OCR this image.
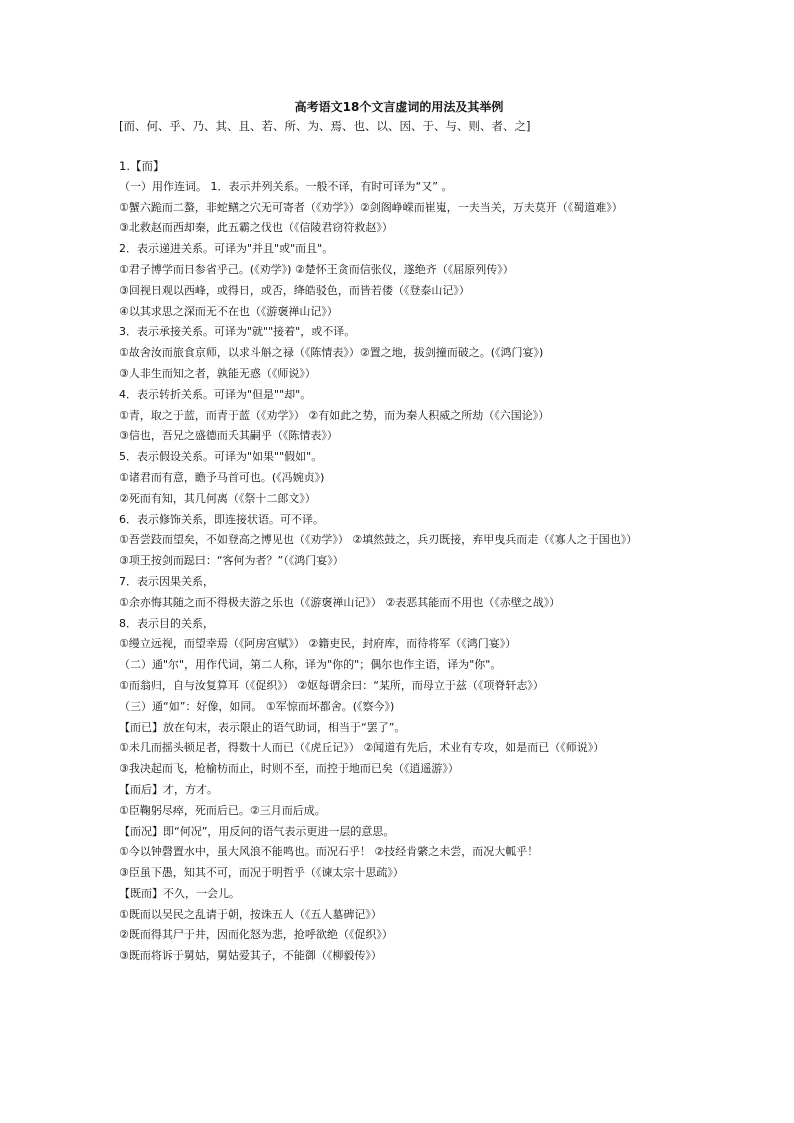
高考语文18个文言虚词的用法及其举例
[而、何、乎、乃、其、且、若、所、为、焉、也、以、因、于、与、则、者、之]
1.【而】
（一）用作连词。 1．表示并列关系。一般不译，有时可译为“又” 。
①蟹六跪而二螯，非蛇鳝之穴无可寄者（《劝学》）②剑阁峥嵘而崔嵬，一夫当关，万夫莫开（《蜀道难》）
③北救赵而西却秦，此五霸之伐也（《信陵君窃符救赵》）
2．表示递进关系。可译为"并且"或"而且"。
①君子博学而日参省乎己。(《劝学》) ②楚怀王贪而信张仪，遂绝齐（《屈原列传》）
③回视日观以西峰，或得日，或否，绛皓驳色，而皆若偻（《登泰山记》）
④以其求思之深而无不在也（《游褒禅山记》）
3．表示承接关系。可译为"就""接着"，或不译。
①故舍汝而旅食京师，以求斗斛之禄（《陈情表》）②置之地，拔剑撞而破之。(《鸿门宴》)
③人非生而知之者，孰能无惑（《师说》）
4．表示转折关系。可译为"但是""却"。
①青，取之于蓝，而青于蓝（《劝学》） ②有如此之势，而为秦人积威之所劫（《六国论》）
③信也，吾兄之盛德而夭其嗣乎（《陈情表》）
5．表示假设关系。可译为"如果""假如"。
①诸君而有意，瞻予马首可也。(《冯婉贞》)
②死而有知，其几何离（《祭十二郎文》）
6．表示修饰关系，即连接状语。可不译。
①吾尝跂而望矣，不如登高之博见也（《劝学》） ②填然鼓之，兵刃既接，弃甲曳兵而走（《寡人之于国也》）
③项王按剑而跽曰：“客何为者？”（《鸿门宴》）
7．表示因果关系，
①余亦悔其随之而不得极夫游之乐也（《游褒禅山记》） ②表恶其能而不用也（《赤壁之战》）
8．表示目的关系，
①缦立远视，而望幸焉（《阿房宫赋》） ②籍吏民，封府库，而待将军（《鸿门宴》）
（二）通"尔"，用作代词，第二人称，译为"你的"；偶尔也作主语，译为"你"。
①而翁归，自与汝复算耳（《促织》） ②妪每谓余曰：“某所，而母立于兹（《项脊轩志》）
（三）通“如”：好像，如同。 ①军惊而坏都舍。(《察今》)
【而已】放在句末，表示限止的语气助词，相当于“罢了”。
①未几而摇头顿足者，得数十人而已（《虎丘记》） ②闻道有先后，术业有专攻，如是而已（《师说》）
③我决起而飞，枪榆枋而止，时则不至，而控于地而已矣（《逍遥游》）
【而后】才，方才。
①臣鞠躬尽瘁，死而后已。②三月而后成。
【而况】即“何况”，用反问的语气表示更进一层的意思。
①今以钟磬置水中，虽大风浪不能鸣也。而况石乎！ ②技经肯綮之未尝，而况大軱乎！
③臣虽下愚，知其不可，而况于明哲乎（《谏太宗十思疏》）
【既而】不久，一会儿。
①既而以吴民之乱请于朝，按诛五人（《五人墓碑记》）
②既而得其尸于井，因而化怒为悲，抢呼欲绝（《促织》）
③既而将诉于舅姑，舅姑爱其子，不能御（《柳毅传》）
